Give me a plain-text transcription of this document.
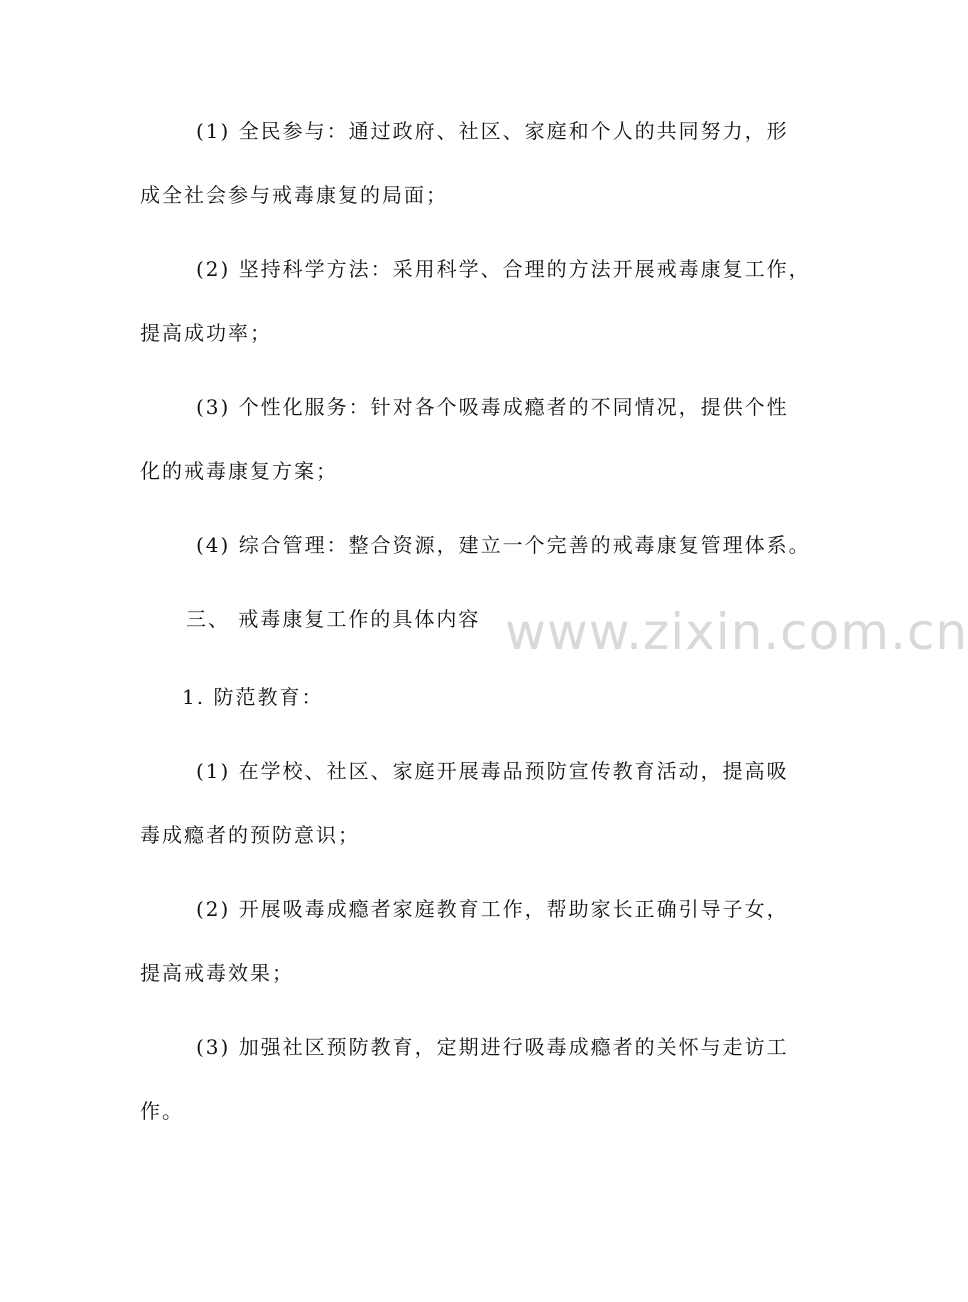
(1) 全民参与：通过政府、社区、家庭和个人的共同努力，形
成全社会参与戒毒康复的局面；
(2) 坚持科学方法：采用科学、合理的方法开展戒毒康复工作，
提高成功率；
(3) 个性化服务：针对各个吸毒成瘾者的不同情况，提供个性
化的戒毒康复方案；
(4) 综合管理：整合资源，建立一个完善的戒毒康复管理体系。
三、 戒毒康复工作的具体内容
1. 防范教育：
(1) 在学校、社区、家庭开展毒品预防宣传教育活动，提高吸
毒成瘾者的预防意识；
(2) 开展吸毒成瘾者家庭教育工作，帮助家长正确引导子女，
提高戒毒效果；
(3) 加强社区预防教育，定期进行吸毒成瘾者的关怀与走访工
作。
www.zixin.com.cn
